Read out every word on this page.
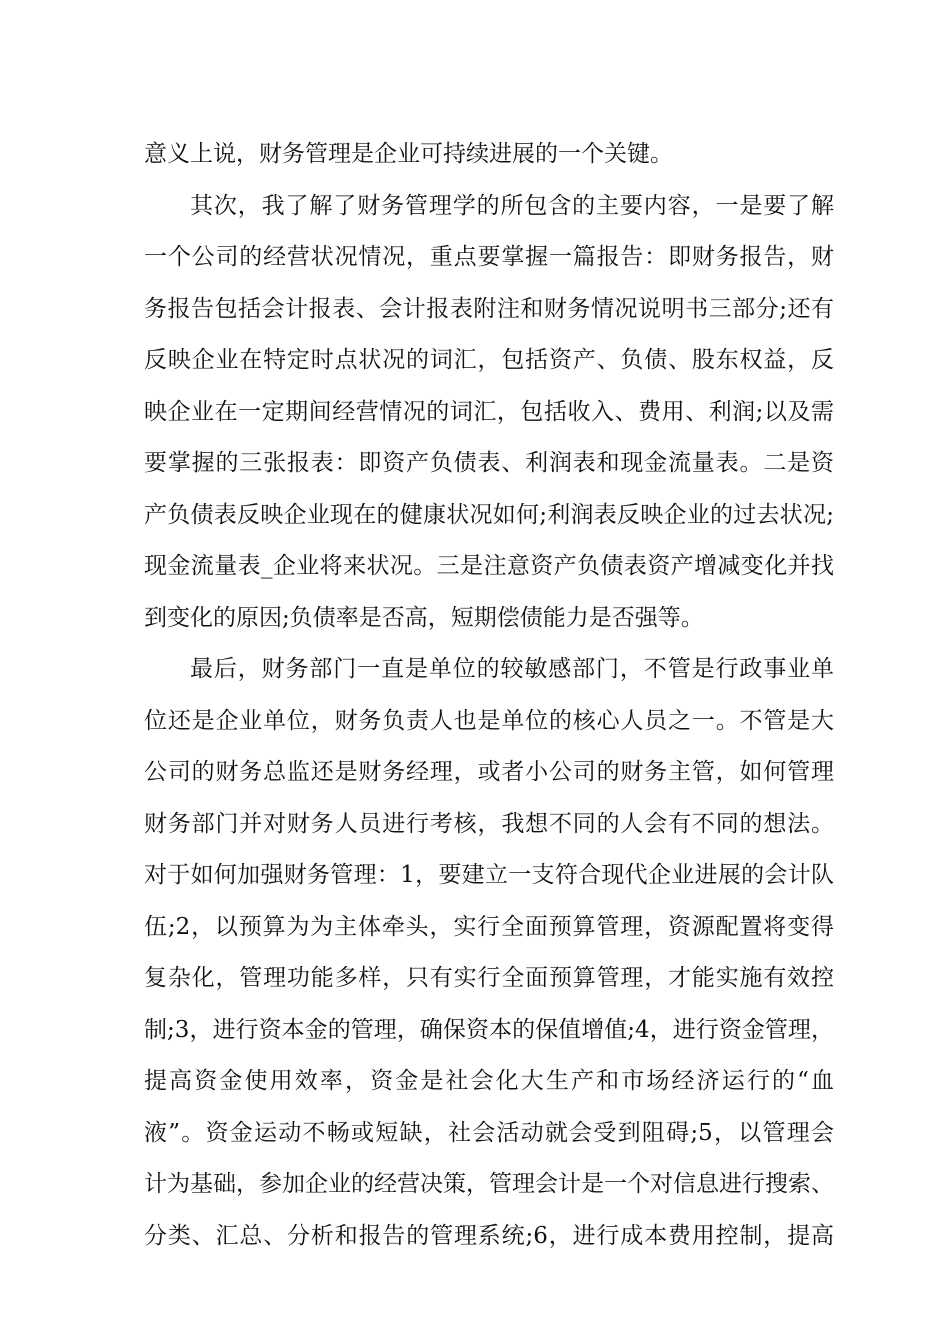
意义上说，财务管理是企业可持续进展的一个关键。
其次，我了解了财务管理学的所包含的主要内容，一是要了解
一个公司的经营状况情况，重点要掌握一篇报告：即财务报告，财
务报告包括会计报表、会计报表附注和财务情况说明书三部分;还有
反映企业在特定时点状况的词汇，包括资产、负债、股东权益，反
映企业在一定期间经营情况的词汇，包括收入、费用、利润;以及需
要掌握的三张报表：即资产负债表、利润表和现金流量表。二是资
产负债表反映企业现在的健康状况如何;利润表反映企业的过去状况;
现金流量表_企业将来状况。三是注意资产负债表资产增减变化并找
到变化的原因;负债率是否高，短期偿债能力是否强等。
最后，财务部门一直是单位的较敏感部门，不管是行政事业单
位还是企业单位，财务负责人也是单位的核心人员之一。不管是大
公司的财务总监还是财务经理，或者小公司的财务主管，如何管理
财务部门并对财务人员进行考核，我想不同的人会有不同的想法。
对于如何加强财务管理：1，要建立一支符合现代企业进展的会计队
伍;2，以预算为为主体牵头，实行全面预算管理，资源配置将变得
复杂化，管理功能多样，只有实行全面预算管理，才能实施有效控
制;3，进行资本金的管理，确保资本的保值增值;4，进行资金管理，
提高资金使用效率，资金是社会化大生产和市场经济运行的“血
液”。资金运动不畅或短缺，社会活动就会受到阻碍;5，以管理会
计为基础，参加企业的经营决策，管理会计是一个对信息进行搜索、
分类、汇总、分析和报告的管理系统;6，进行成本费用控制，提高
